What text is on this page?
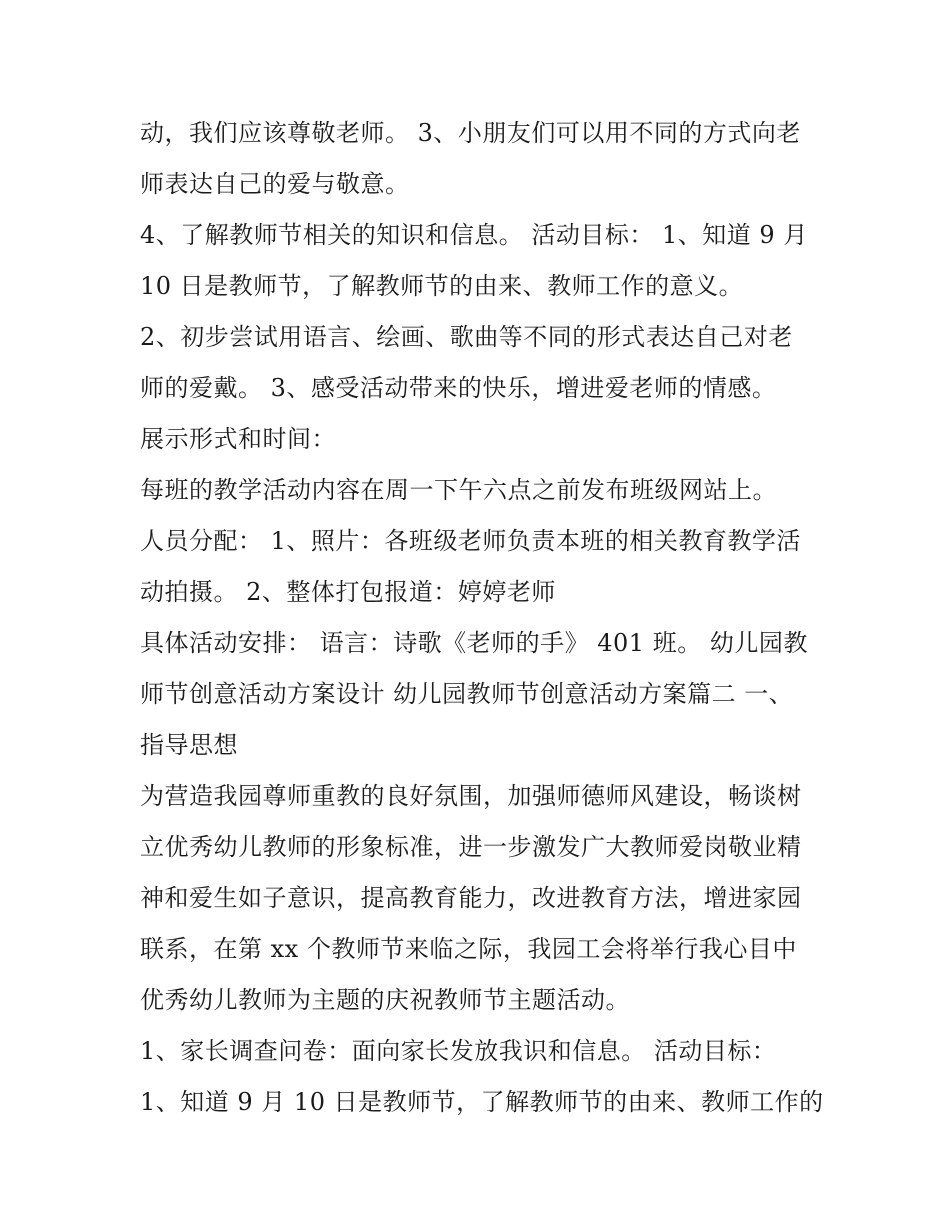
动，我们应该尊敬老师。 3、小朋友们可以用不同的方式向老
师表达自己的爱与敬意。
4、了解教师节相关的知识和信息。 活动目标： 1、知道 9 月
10 日是教师节，了解教师节的由来、教师工作的意义。
2、初步尝试用语言、绘画、歌曲等不同的形式表达自己对老
师的爱戴。 3、感受活动带来的快乐，增进爱老师的情感。
展示形式和时间：
每班的教学活动内容在周一下午六点之前发布班级网站上。
人员分配： 1、照片：各班级老师负责本班的相关教育教学活
动拍摄。 2、整体打包报道：婷婷老师
具体活动安排： 语言：诗歌《老师的手》 401 班。 幼儿园教
师节创意活动方案设计 幼儿园教师节创意活动方案篇二 一、
指导思想
为营造我园尊师重教的良好氛围，加强师德师风建设，畅谈树
立优秀幼儿教师的形象标准，进一步激发广大教师爱岗敬业精
神和爱生如子意识，提高教育能力，改进教育方法，增进家园
联系，在第 xx 个教师节来临之际，我园工会将举行我心目中
优秀幼儿教师为主题的庆祝教师节主题活动。
1、家长调查问卷：面向家长发放我识和信息。 活动目标：
1、知道 9 月 10 日是教师节，了解教师节的由来、教师工作的
